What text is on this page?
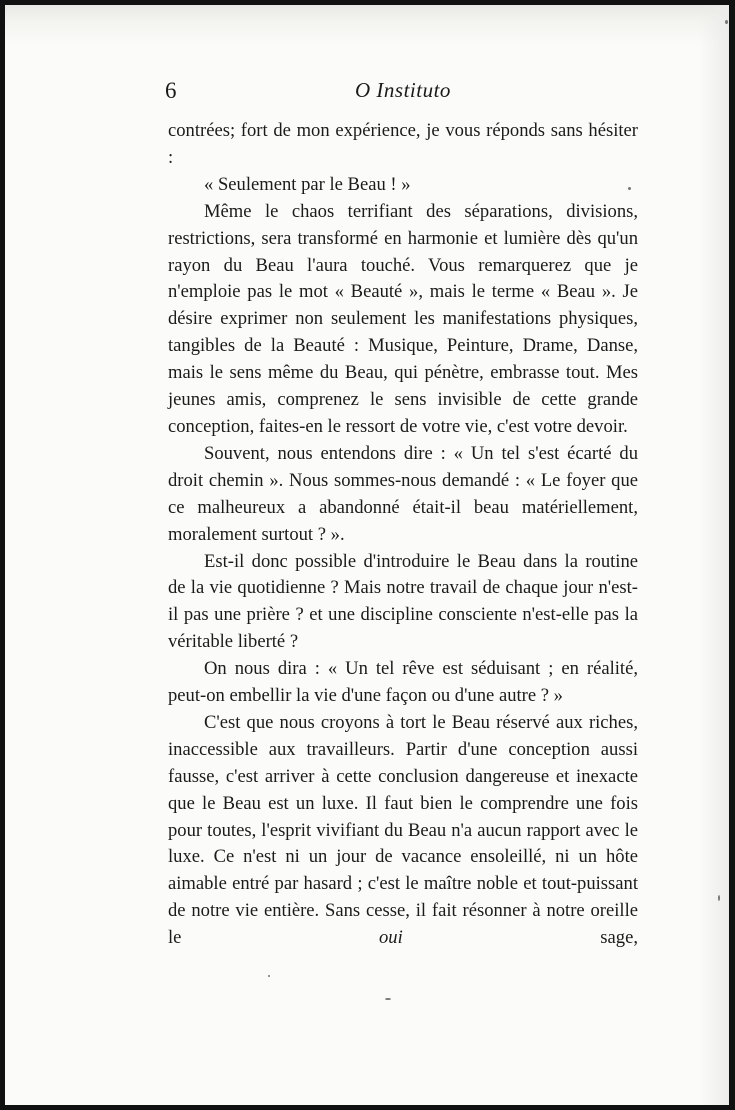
6	O Instituto

contrées; fort de mon expérience, je vous réponds sans hésiter :

« Seulement par le Beau ! »

Même le chaos terrifiant des séparations, divisions, restrictions, sera transformé en harmonie et lumière dès qu'un rayon du Beau l'aura touché. Vous remarquerez que je n'emploie pas le mot « Beauté », mais le terme « Beau ». Je désire exprimer non seulement les manifestations physiques, tangibles de la Beauté : Musique, Peinture, Drame, Danse, mais le sens même du Beau, qui pénètre, embrasse tout. Mes jeunes amis, comprenez le sens invisible de cette grande conception, faites-en le ressort de votre vie, c'est votre devoir.

Souvent, nous entendons dire : « Un tel s'est écarté du droit chemin ». Nous sommes-nous demandé : « Le foyer que ce malheureux a abandonné était-il beau matériellement, moralement surtout ? ».

Est-il donc possible d'introduire le Beau dans la routine de la vie quotidienne ? Mais notre travail de chaque jour n'est-il pas une prière ? et une discipline consciente n'est-elle pas la véritable liberté ?

On nous dira : « Un tel rêve est séduisant ; en réalité, peut-on embellir la vie d'une façon ou d'une autre ? »

C'est que nous croyons à tort le Beau réservé aux riches, inaccessible aux travailleurs. Partir d'une conception aussi fausse, c'est arriver à cette conclusion dangereuse et inexacte que le Beau est un luxe. Il faut bien le comprendre une fois pour toutes, l'esprit vivifiant du Beau n'a aucun rapport avec le luxe. Ce n'est ni un jour de vacance ensoleillé, ni un hôte aimable entré par hasard ; c'est le maître noble et tout-puissant de notre vie entière. Sans cesse, il fait résonner à notre oreille le oui sage,
